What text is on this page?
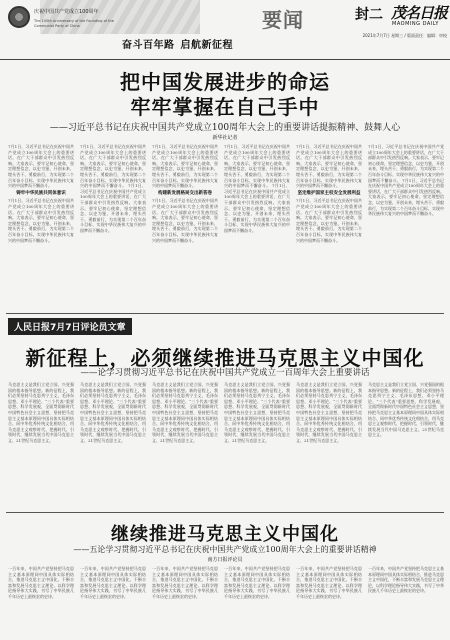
庆祝中国共产党成立100周年
The 100th Anniversary of the Founding of the Communist Party of China
奋斗百年路 启航新征程
要闻	封二 茂名日报
MAOMING DAILY
2021年7月7日 星期三 / 版面责任：编辑：审校
把中国发展进步的命运
牢牢掌握在自己手中
——习近平总书记在庆祝中国共产党成立100周年大会上的重要讲话提振精神、鼓舞人心
新华社记者
7月1日，习近平总书记在庆祝中国共产党成立100周年大会上的重要讲话，在广大干部群众中引发热烈反响。大家表示，要牢记初心使命，坚定理想信念，以史为鉴、开创未来，埋头苦干、勇毅前行，为实现第二个百年奋斗目标、实现中华民族伟大复兴的中国梦而不懈奋斗。
铸牢中华民族共同体意识
7月1日，习近平总书记在庆祝中国共产党成立100周年大会上的重要讲话，在广大干部群众中引发热烈反响。大家表示，要牢记初心使命，坚定理想信念，以史为鉴、开创未来，埋头苦干、勇毅前行，为实现第二个百年奋斗目标、实现中华民族伟大复兴的中国梦而不懈奋斗。
7月1日，习近平总书记在庆祝中国共产党成立100周年大会上的重要讲话，在广大干部群众中引发热烈反响。大家表示，要牢记初心使命，坚定理想信念，以史为鉴、开创未来，埋头苦干、勇毅前行，为实现第二个百年奋斗目标、实现中华民族伟大复兴的中国梦而不懈奋斗。 7月1日，习近平总书记在庆祝中国共产党成立100周年大会上的重要讲话，在广大干部群众中引发热烈反响。大家表示，要牢记初心使命，坚定理想信念，以史为鉴、开创未来，埋头苦干、勇毅前行，为实现第二个百年奋斗目标、实现中华民族伟大复兴的中国梦而不懈奋斗。
7月1日，习近平总书记在庆祝中国共产党成立100周年大会上的重要讲话，在广大干部群众中引发热烈反响。大家表示，要牢记初心使命，坚定理想信念，以史为鉴、开创未来，埋头苦干、勇毅前行，为实现第二个百年奋斗目标、实现中华民族伟大复兴的中国梦而不懈奋斗。
构建新发展格局交出新答卷
7月1日，习近平总书记在庆祝中国共产党成立100周年大会上的重要讲话，在广大干部群众中引发热烈反响。大家表示，要牢记初心使命，坚定理想信念，以史为鉴、开创未来，埋头苦干、勇毅前行，为实现第二个百年奋斗目标、实现中华民族伟大复兴的中国梦而不懈奋斗。
7月1日，习近平总书记在庆祝中国共产党成立100周年大会上的重要讲话，在广大干部群众中引发热烈反响。大家表示，要牢记初心使命，坚定理想信念，以史为鉴、开创未来，埋头苦干、勇毅前行，为实现第二个百年奋斗目标、实现中华民族伟大复兴的中国梦而不懈奋斗。 7月1日，习近平总书记在庆祝中国共产党成立100周年大会上的重要讲话，在广大干部群众中引发热烈反响。大家表示，要牢记初心使命，坚定理想信念，以史为鉴、开创未来，埋头苦干、勇毅前行，为实现第二个百年奋斗目标、实现中华民族伟大复兴的中国梦而不懈奋斗。
7月1日，习近平总书记在庆祝中国共产党成立100周年大会上的重要讲话，在广大干部群众中引发热烈反响。大家表示，要牢记初心使命，坚定理想信念，以史为鉴、开创未来，埋头苦干、勇毅前行，为实现第二个百年奋斗目标、实现中华民族伟大复兴的中国梦而不懈奋斗。
坚定维护国家主权安全发展利益
7月1日，习近平总书记在庆祝中国共产党成立100周年大会上的重要讲话，在广大干部群众中引发热烈反响。大家表示，要牢记初心使命，坚定理想信念，以史为鉴、开创未来，埋头苦干、勇毅前行，为实现第二个百年奋斗目标、实现中华民族伟大复兴的中国梦而不懈奋斗。
7月1日，习近平总书记在庆祝中国共产党成立100周年大会上的重要讲话，在广大干部群众中引发热烈反响。大家表示，要牢记初心使命，坚定理想信念，以史为鉴、开创未来，埋头苦干、勇毅前行，为实现第二个百年奋斗目标、实现中华民族伟大复兴的中国梦而不懈奋斗。 7月1日，习近平总书记在庆祝中国共产党成立100周年大会上的重要讲话，在广大干部群众中引发热烈反响。大家表示，要牢记初心使命，坚定理想信念，以史为鉴、开创未来，埋头苦干、勇毅前行，为实现第二个百年奋斗目标、实现中华民族伟大复兴的中国梦而不懈奋斗。
人民日报7月7日评论员文章
新征程上，必须继续推进马克思主义中国化
——论学习贯彻习近平总书记在庆祝中国共产党成立一百周年大会上重要讲话
马克思主义是我们立党立国、兴党强国的根本指导思想。新的征程上，我们必须坚持马克思列宁主义、毛泽东思想、邓小平理论、“三个代表”重要思想、科学发展观，全面贯彻新时代中国特色社会主义思想，坚持把马克思主义基本原理同中国具体实际相结合、同中华优秀传统文化相结合，用马克思主义观察时代、把握时代、引领时代，继续发展当代中国马克思主义、21世纪马克思主义。
马克思主义是我们立党立国、兴党强国的根本指导思想。新的征程上，我们必须坚持马克思列宁主义、毛泽东思想、邓小平理论、“三个代表”重要思想、科学发展观，全面贯彻新时代中国特色社会主义思想，坚持把马克思主义基本原理同中国具体实际相结合、同中华优秀传统文化相结合，用马克思主义观察时代、把握时代、引领时代，继续发展当代中国马克思主义、21世纪马克思主义。
马克思主义是我们立党立国、兴党强国的根本指导思想。新的征程上，我们必须坚持马克思列宁主义、毛泽东思想、邓小平理论、“三个代表”重要思想、科学发展观，全面贯彻新时代中国特色社会主义思想，坚持把马克思主义基本原理同中国具体实际相结合、同中华优秀传统文化相结合，用马克思主义观察时代、把握时代、引领时代，继续发展当代中国马克思主义、21世纪马克思主义。
马克思主义是我们立党立国、兴党强国的根本指导思想。新的征程上，我们必须坚持马克思列宁主义、毛泽东思想、邓小平理论、“三个代表”重要思想、科学发展观，全面贯彻新时代中国特色社会主义思想，坚持把马克思主义基本原理同中国具体实际相结合、同中华优秀传统文化相结合，用马克思主义观察时代、把握时代、引领时代，继续发展当代中国马克思主义、21世纪马克思主义。
马克思主义是我们立党立国、兴党强国的根本指导思想。新的征程上，我们必须坚持马克思列宁主义、毛泽东思想、邓小平理论、“三个代表”重要思想、科学发展观，全面贯彻新时代中国特色社会主义思想，坚持把马克思主义基本原理同中国具体实际相结合、同中华优秀传统文化相结合，用马克思主义观察时代、把握时代、引领时代，继续发展当代中国马克思主义、21世纪马克思主义。
马克思主义是我们立党立国、兴党强国的根本指导思想。新的征程上，我们必须坚持马克思列宁主义、毛泽东思想、邓小平理论、“三个代表”重要思想、科学发展观，全面贯彻新时代中国特色社会主义思想，坚持把马克思主义基本原理同中国具体实际相结合、同中华优秀传统文化相结合，用马克思主义观察时代、把握时代、引领时代，继续发展当代中国马克思主义、21世纪马克思主义。
继续推进马克思主义中国化
——五论学习贯彻习近平总书记在庆祝中国共产党成立100周年大会上的重要讲话精神
南方日报评论员
一百年来，中国共产党坚持把马克思主义基本原理同中国具体实际相结合，推进马克思主义中国化，不断丰富和发展马克思主义理论，以科学理论指导伟大实践，书写了中华民族几千年历史上最恢宏的史诗。
一百年来，中国共产党坚持把马克思主义基本原理同中国具体实际相结合，推进马克思主义中国化，不断丰富和发展马克思主义理论，以科学理论指导伟大实践，书写了中华民族几千年历史上最恢宏的史诗。
一百年来，中国共产党坚持把马克思主义基本原理同中国具体实际相结合，推进马克思主义中国化，不断丰富和发展马克思主义理论，以科学理论指导伟大实践，书写了中华民族几千年历史上最恢宏的史诗。
一百年来，中国共产党坚持把马克思主义基本原理同中国具体实际相结合，推进马克思主义中国化，不断丰富和发展马克思主义理论，以科学理论指导伟大实践，书写了中华民族几千年历史上最恢宏的史诗。
一百年来，中国共产党坚持把马克思主义基本原理同中国具体实际相结合，推进马克思主义中国化，不断丰富和发展马克思主义理论，以科学理论指导伟大实践，书写了中华民族几千年历史上最恢宏的史诗。
一百年来，中国共产党坚持把马克思主义基本原理同中国具体实际相结合，推进马克思主义中国化，不断丰富和发展马克思主义理论，以科学理论指导伟大实践，书写了中华民族几千年历史上最恢宏的史诗。
